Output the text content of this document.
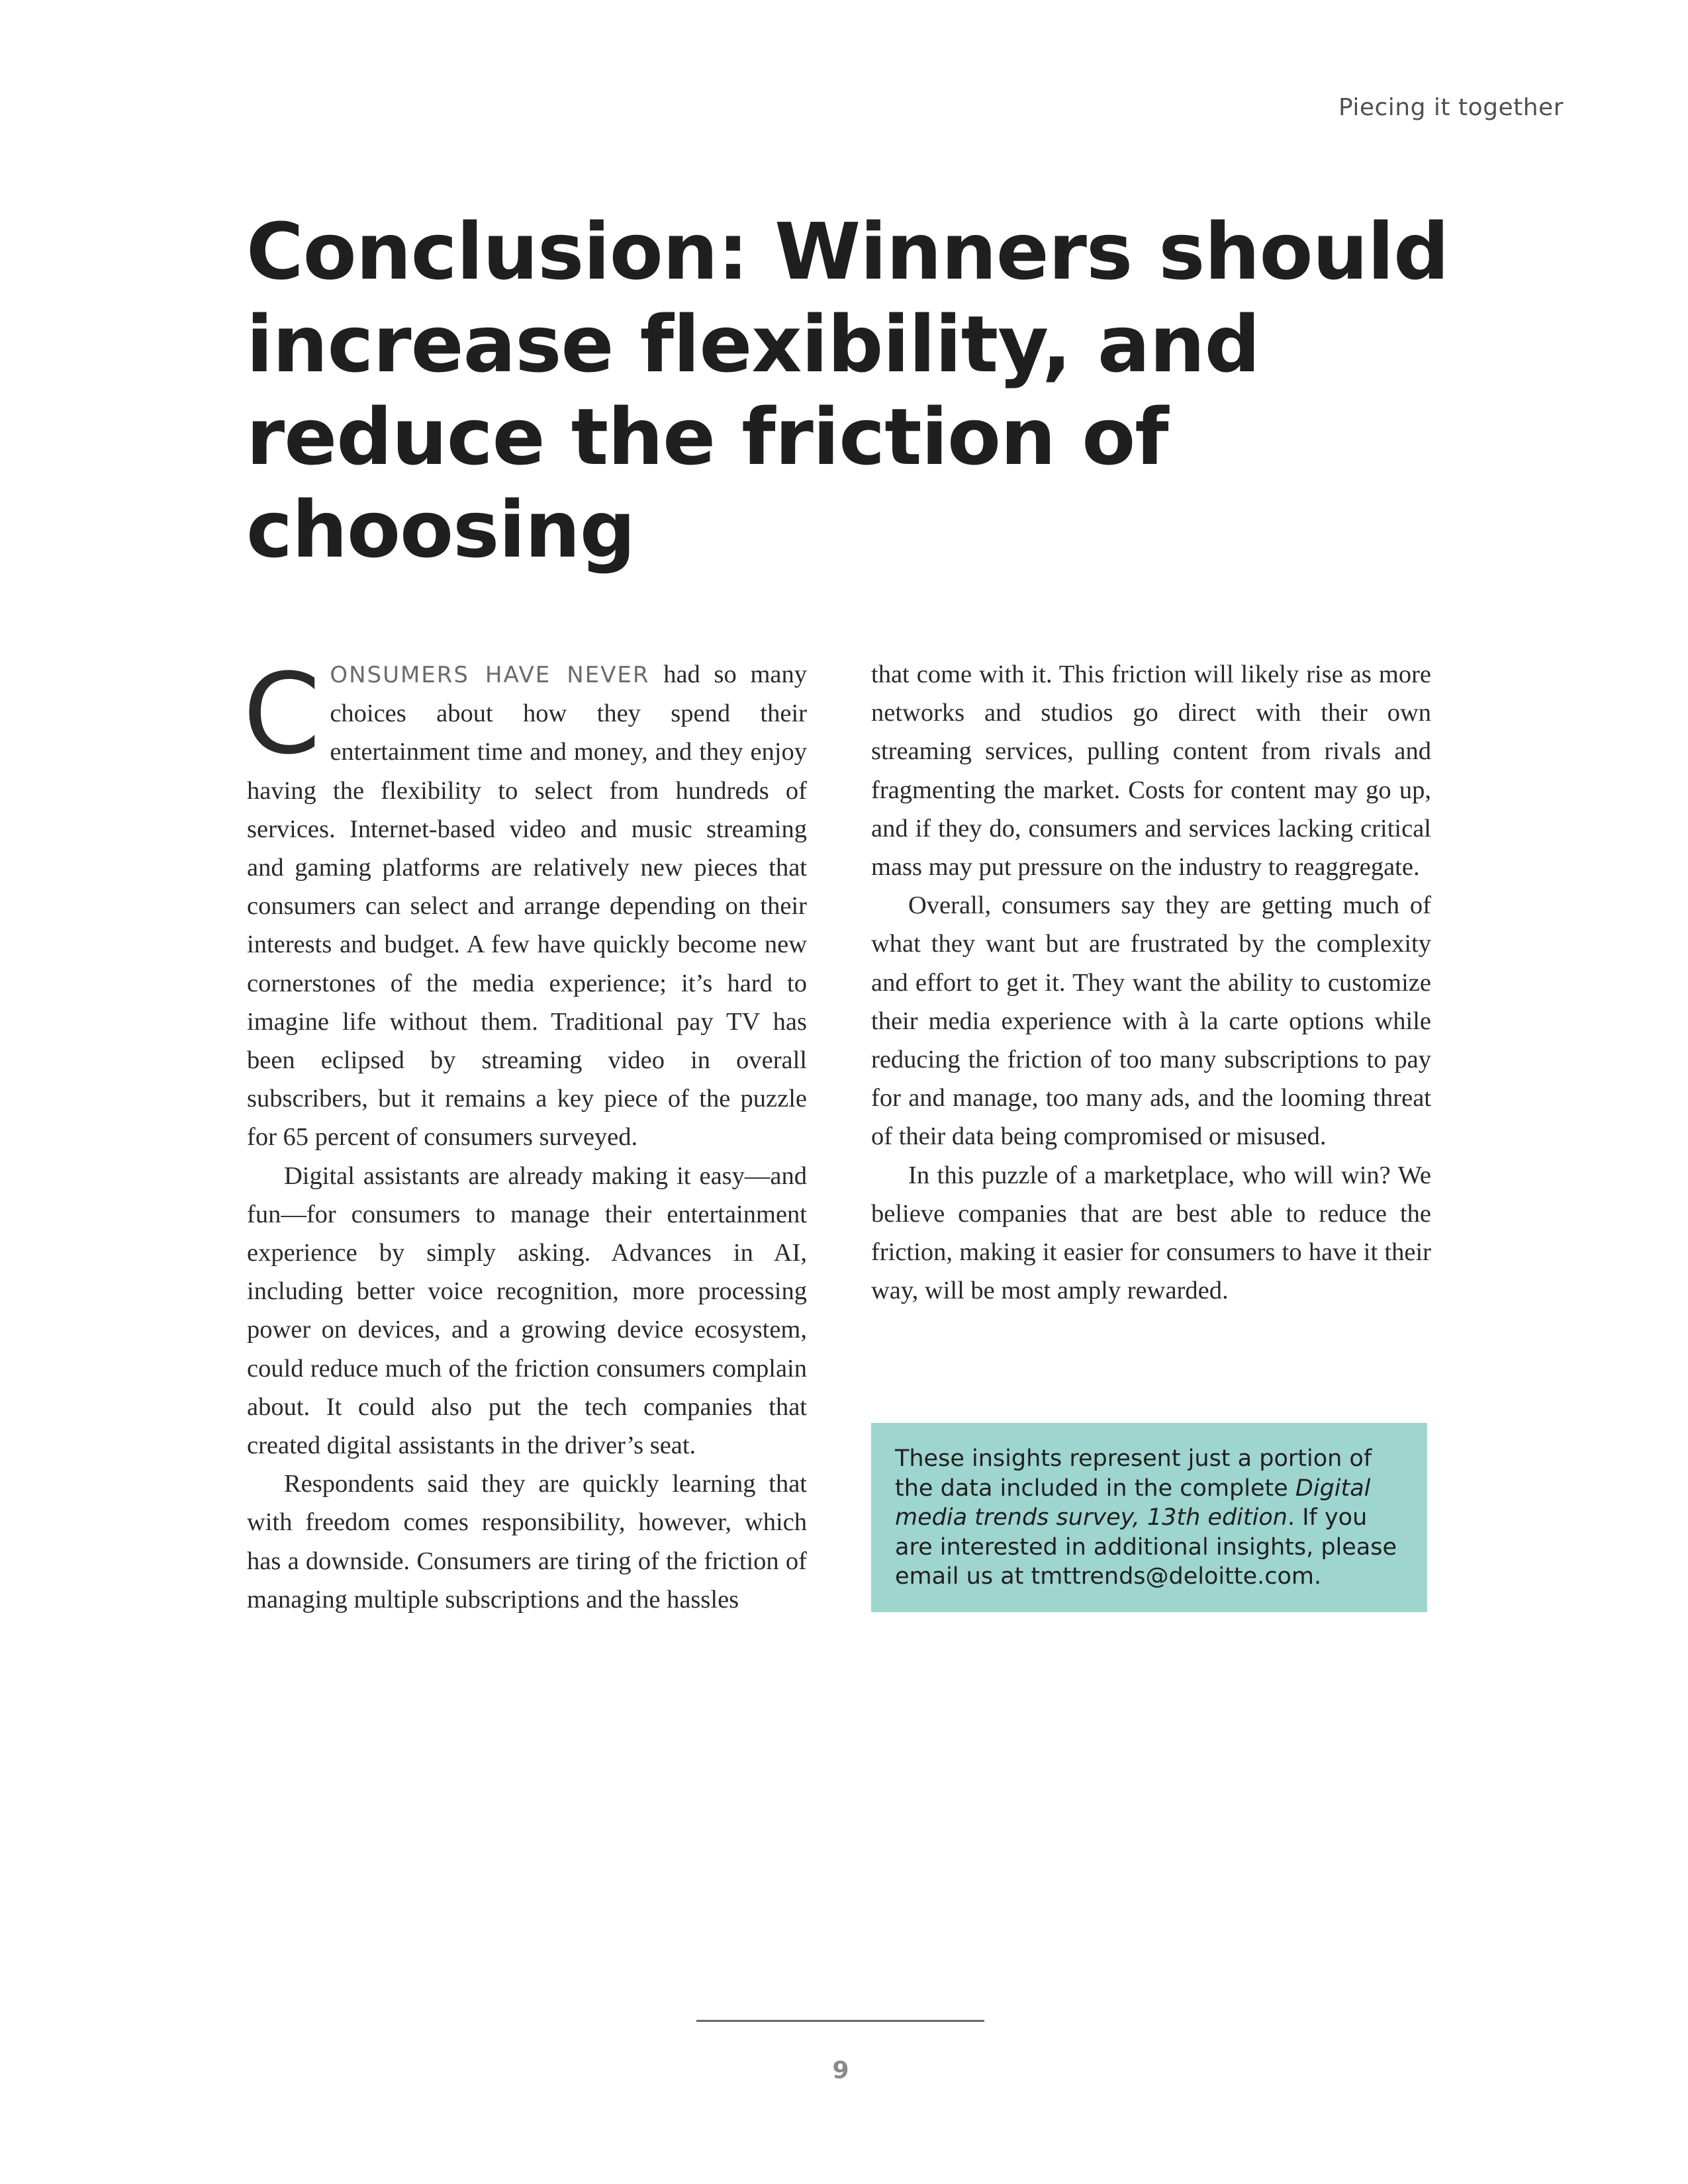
Piecing it together
Conclusion: Winners should increase flexibility, and reduce the friction of choosing

CONSUMERS HAVE NEVER had so many choices about how they spend their entertainment time and money, and they enjoy having the flexibility to select from hundreds of services. Internet-based video and music streaming and gaming platforms are relatively new pieces that consumers can select and arrange depending on their interests and budget. A few have quickly become new cornerstones of the media experience; it’s hard to imagine life without them. Traditional pay TV has been eclipsed by streaming video in overall subscribers, but it remains a key piece of the puzzle for 65 percent of consumers surveyed.

Digital assistants are already making it easy—and fun—for consumers to manage their entertainment experience by simply asking. Advances in AI, including better voice recognition, more processing power on devices, and a growing device ecosystem, could reduce much of the friction consumers complain about. It could also put the tech companies that created digital assistants in the driver’s seat.

Respondents said they are quickly learning that with freedom comes responsibility, however, which has a downside. Consumers are tiring of the friction of managing multiple subscriptions and the hassles

that come with it. This friction will likely rise as more networks and studios go direct with their own streaming services, pulling content from rivals and fragmenting the market. Costs for content may go up, and if they do, consumers and services lacking critical mass may put pressure on the industry to reaggregate.

Overall, consumers say they are getting much of what they want but are frustrated by the complexity and effort to get it. They want the ability to customize their media experience with à la carte options while reducing the friction of too many subscriptions to pay for and manage, too many ads, and the looming threat of their data being compromised or misused.

In this puzzle of a marketplace, who will win? We believe companies that are best able to reduce the friction, making it easier for consumers to have it their way, will be most amply rewarded.

These insights represent just a portion of the data included in the complete Digital media trends survey, 13th edition. If you are interested in additional insights, please email us at tmttrends@deloitte.com.
9
